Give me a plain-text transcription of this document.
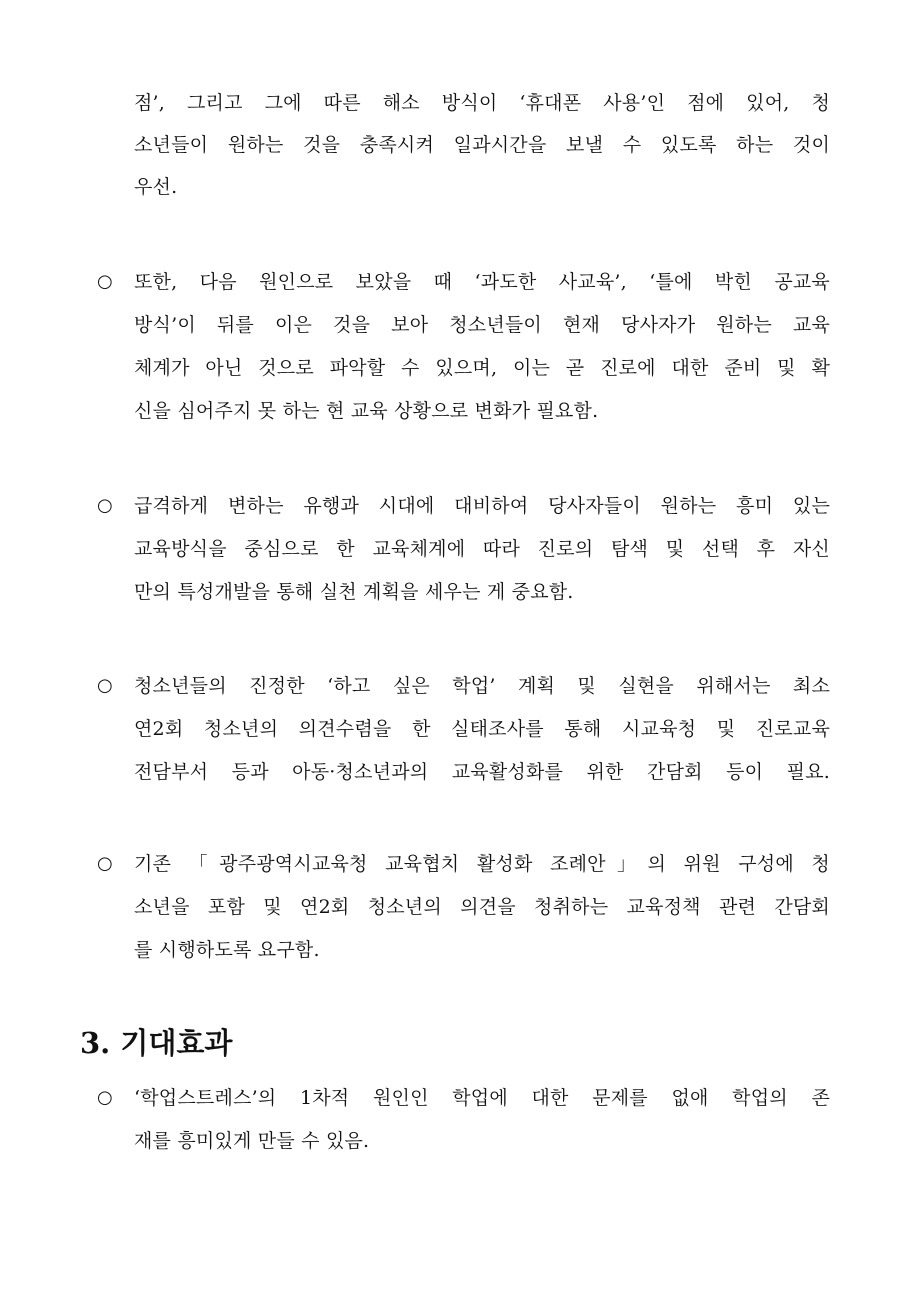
점’, 그리고 그에 따른 해소 방식이 ‘휴대폰 사용’인 점에 있어, 청
소년들이 원하는 것을 충족시켜 일과시간을 보낼 수 있도록 하는 것이
우선.
○ 또한, 다음 원인으로 보았을 때 ‘과도한 사교육’, ‘틀에 박힌 공교육
방식’이 뒤를 이은 것을 보아 청소년들이 현재 당사자가 원하는 교육
체계가 아닌 것으로 파악할 수 있으며, 이는 곧 진로에 대한 준비 및 확
신을 심어주지 못 하는 현 교육 상황으로 변화가 필요함.
○ 급격하게 변하는 유행과 시대에 대비하여 당사자들이 원하는 흥미 있는
교육방식을 중심으로 한 교육체계에 따라 진로의 탐색 및 선택 후 자신
만의 특성개발을 통해 실천 계획을 세우는 게 중요함.
○ 청소년들의 진정한 ‘하고 싶은 학업’ 계획 및 실현을 위해서는 최소
연2회 청소년의 의견수렴을 한 실태조사를 통해 시교육청 및 진로교육
전담부서 등과 아동·청소년과의 교육활성화를 위한 간담회 등이 필요.
○ 기존 「광주광역시교육청 교육협치 활성화 조례안」의 위원 구성에 청
소년을 포함 및 연2회 청소년의 의견을 청취하는 교육정책 관련 간담회
를 시행하도록 요구함.
3. 기대효과
○ ‘학업스트레스’의 1차적 원인인 학업에 대한 문제를 없애 학업의 존
재를 흥미있게 만들 수 있음.
